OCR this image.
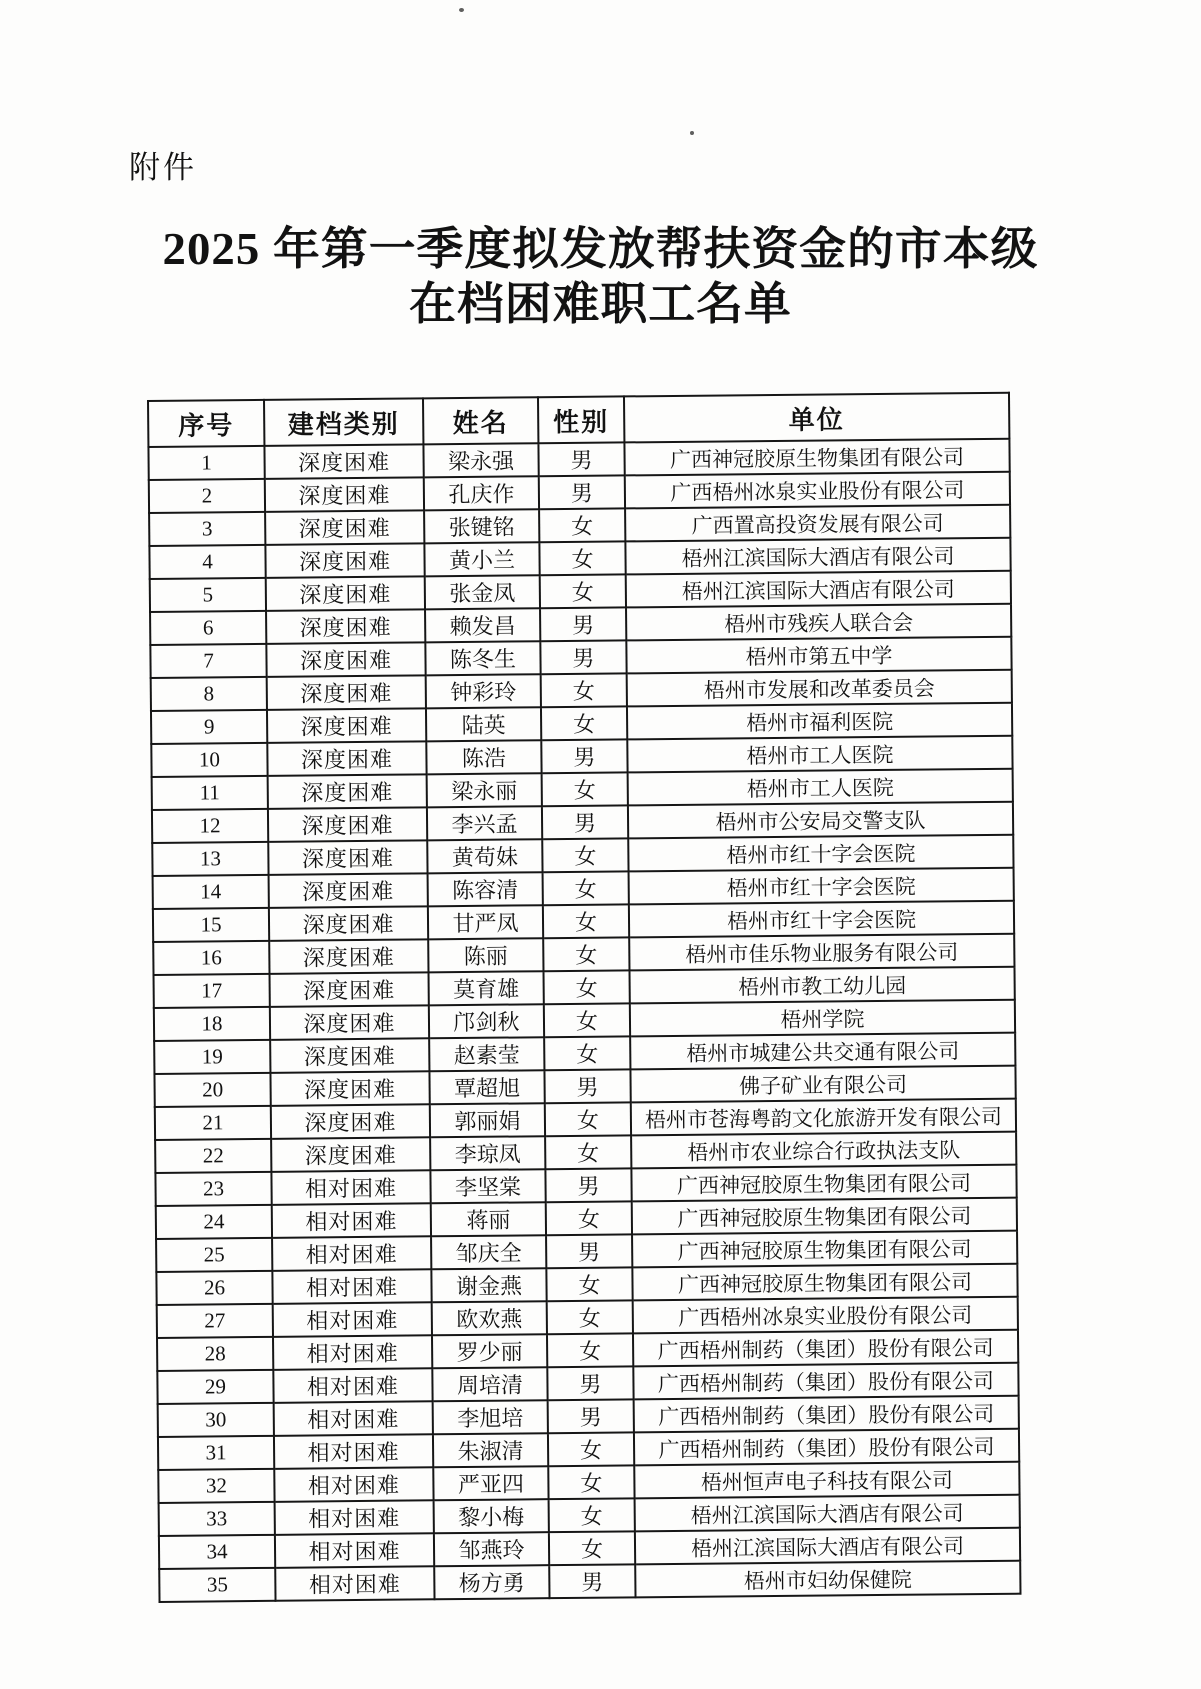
附件
2025 年第一季度拟发放帮扶资金的市本级
在档困难职工名单
序号	建档类别	姓名	性别	单位
1	深度困难	梁永强	男	广西神冠胶原生物集团有限公司
2	深度困难	孔庆作	男	广西梧州冰泉实业股份有限公司
3	深度困难	张键铭	女	广西置高投资发展有限公司
4	深度困难	黄小兰	女	梧州江滨国际大酒店有限公司
5	深度困难	张金凤	女	梧州江滨国际大酒店有限公司
6	深度困难	赖发昌	男	梧州市残疾人联合会
7	深度困难	陈冬生	男	梧州市第五中学
8	深度困难	钟彩玲	女	梧州市发展和改革委员会
9	深度困难	陆英	女	梧州市福利医院
10	深度困难	陈浩	男	梧州市工人医院
11	深度困难	梁永丽	女	梧州市工人医院
12	深度困难	李兴孟	男	梧州市公安局交警支队
13	深度困难	黄苟妹	女	梧州市红十字会医院
14	深度困难	陈容清	女	梧州市红十字会医院
15	深度困难	甘严凤	女	梧州市红十字会医院
16	深度困难	陈丽	女	梧州市佳乐物业服务有限公司
17	深度困难	莫育雄	女	梧州市教工幼儿园
18	深度困难	邝剑秋	女	梧州学院
19	深度困难	赵素莹	女	梧州市城建公共交通有限公司
20	深度困难	覃超旭	男	佛子矿业有限公司
21	深度困难	郭丽娟	女	梧州市苍海粤韵文化旅游开发有限公司
22	深度困难	李琼凤	女	梧州市农业综合行政执法支队
23	相对困难	李坚棠	男	广西神冠胶原生物集团有限公司
24	相对困难	蒋丽	女	广西神冠胶原生物集团有限公司
25	相对困难	邹庆全	男	广西神冠胶原生物集团有限公司
26	相对困难	谢金燕	女	广西神冠胶原生物集团有限公司
27	相对困难	欧欢燕	女	广西梧州冰泉实业股份有限公司
28	相对困难	罗少丽	女	广西梧州制药（集团）股份有限公司
29	相对困难	周培清	男	广西梧州制药（集团）股份有限公司
30	相对困难	李旭培	男	广西梧州制药（集团）股份有限公司
31	相对困难	朱淑清	女	广西梧州制药（集团）股份有限公司
32	相对困难	严亚四	女	梧州恒声电子科技有限公司
33	相对困难	黎小梅	女	梧州江滨国际大酒店有限公司
34	相对困难	邹燕玲	女	梧州江滨国际大酒店有限公司
35	相对困难	杨方勇	男	梧州市妇幼保健院
